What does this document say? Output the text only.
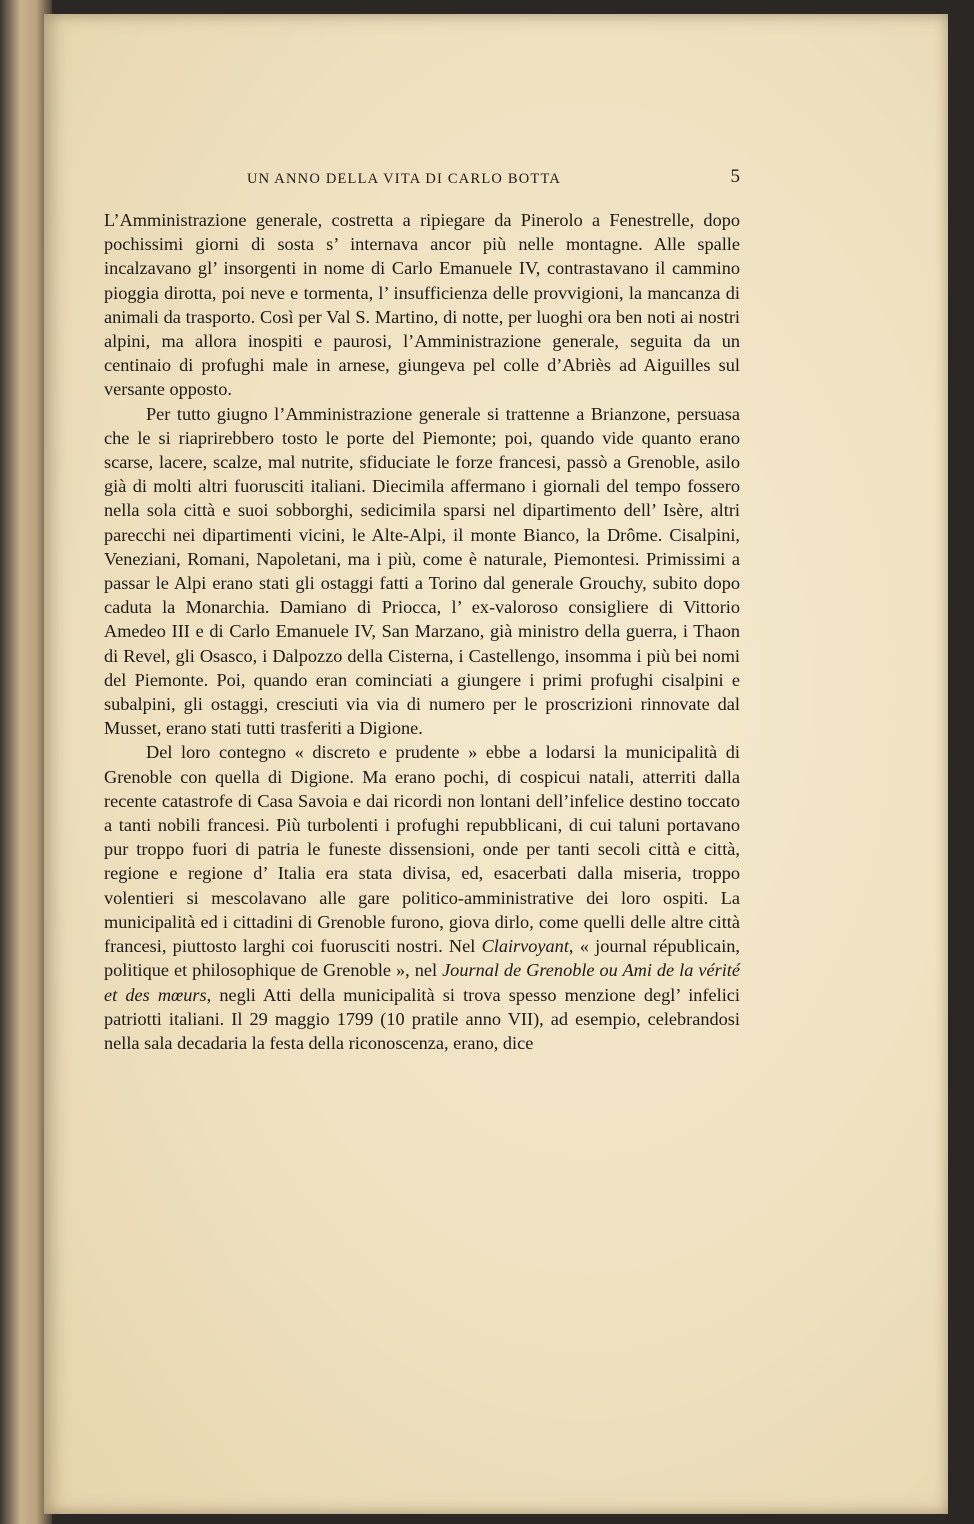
UN ANNO DELLA VITA DI CARLO BOTTA	5

L’Amministrazione generale, costretta a ripiegare da Pinerolo a Fenestrelle, dopo pochissimi giorni di sosta s’ internava ancor più nelle montagne. Alle spalle incalzavano gl’ insorgenti in nome di Carlo Emanuele IV, contrastavano il cammino pioggia dirotta, poi neve e tormenta, l’ insufficienza delle provvigioni, la mancanza di animali da trasporto. Così per Val S. Martino, di notte, per luoghi ora ben noti ai nostri alpini, ma allora inospiti e paurosi, l’Amministrazione generale, seguita da un centinaio di profughi male in arnese, giungeva pel colle d’Abriès ad Aiguilles sul versante opposto.

Per tutto giugno l’Amministrazione generale si trattenne a Brianzone, persuasa che le si riaprirebbero tosto le porte del Piemonte; poi, quando vide quanto erano scarse, lacere, scalze, mal nutrite, sfiduciate le forze francesi, passò a Grenoble, asilo già di molti altri fuorusciti italiani. Diecimila affermano i giornali del tempo fossero nella sola città e suoi sobborghi, sedicimila sparsi nel dipartimento dell’ Isère, altri parecchi nei dipartimenti vicini, le Alte-Alpi, il monte Bianco, la Drôme. Cisalpini, Veneziani, Romani, Napoletani, ma i più, come è naturale, Piemontesi. Primissimi a passar le Alpi erano stati gli ostaggi fatti a Torino dal generale Grouchy, subito dopo caduta la Monarchia. Damiano di Priocca, l’ ex-valoroso consigliere di Vittorio Amedeo III e di Carlo Emanuele IV, San Marzano, già ministro della guerra, i Thaon di Revel, gli Osasco, i Dalpozzo della Cisterna, i Castellengo, insomma i più bei nomi del Piemonte. Poi, quando eran cominciati a giungere i primi profughi cisalpini e subalpini, gli ostaggi, cresciuti via via di numero per le proscrizioni rinnovate dal Musset, erano stati tutti trasferiti a Digione.

Del loro contegno « discreto e prudente » ebbe a lodarsi la municipalità di Grenoble con quella di Digione. Ma erano pochi, di cospicui natali, atterriti dalla recente catastrofe di Casa Savoia e dai ricordi non lontani dell’infelice destino toccato a tanti nobili francesi. Più turbolenti i profughi repubblicani, di cui taluni portavano pur troppo fuori di patria le funeste dissensioni, onde per tanti secoli città e città, regione e regione d’ Italia era stata divisa, ed, esacerbati dalla miseria, troppo volentieri si mescolavano alle gare politico-amministrative dei loro ospiti. La municipalità ed i cittadini di Grenoble furono, giova dirlo, come quelli delle altre città francesi, piuttosto larghi coi fuorusciti nostri. Nel Clairvoyant, « journal républicain, politique et philosophique de Grenoble », nel Journal de Grenoble ou Ami de la vérité et des mœurs, negli Atti della municipalità si trova spesso menzione degl’ infelici patriotti italiani. Il 29 maggio 1799 (10 pratile anno VII), ad esempio, celebrandosi nella sala decadaria la festa della riconoscenza, erano, dice
